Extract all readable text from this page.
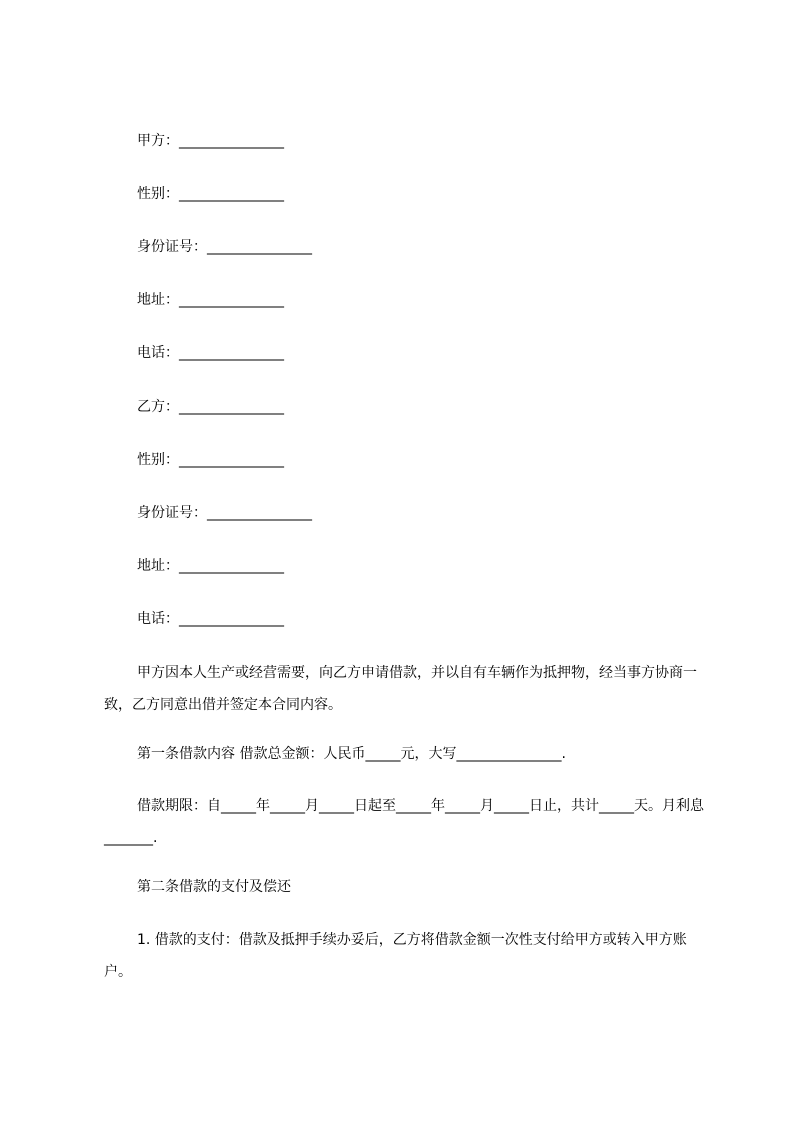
甲方：_______________
性别：_______________
身份证号：_______________
地址：_______________
电话：_______________
乙方：_______________
性别：_______________
身份证号：_______________
地址：_______________
电话：_______________
甲方因本人生产或经营需要，向乙方申请借款，并以自有车辆作为抵押物，经当事方协商一致，乙方同意出借并签定本合同内容。
第一条借款内容 借款总金额：人民币_____元，大写_______________.
借款期限：自_____年_____月_____日起至_____年_____月_____日止，共计_____天。月利息_______.
第二条借款的支付及偿还
1. 借款的支付：借款及抵押手续办妥后，乙方将借款金额一次性支付给甲方或转入甲方账户。
